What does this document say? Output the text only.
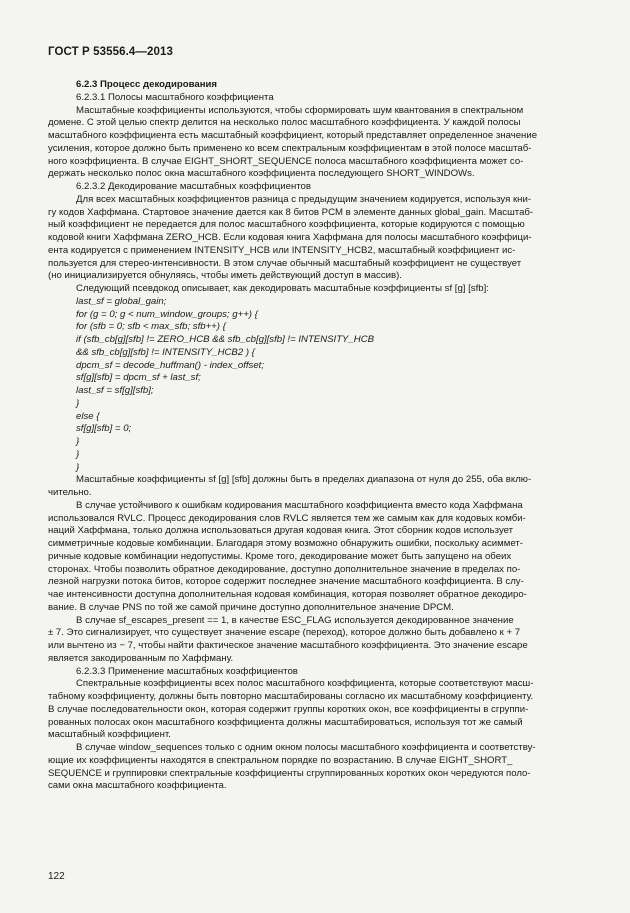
ГОСТ Р 53556.4—2013
6.2.3 Процесс декодирования
6.2.3.1 Полосы масштабного коэффициента
Масштабные коэффициенты используются, чтобы сформировать шум квантования в спектральном
домене. С этой целью спектр делится на несколько полос масштабного коэффициента. У каждой полосы
масштабного коэффициента есть масштабный коэффициент, который представляет определенное значение
усиления, которое должно быть применено ко всем спектральным коэффициентам в этой полосе масштаб-
ного коэффициента. В случае EIGHT_SHORT_SEQUENCE полоса масштабного коэффициента может со-
держать несколько полос окна масштабного коэффициента последующего SHORT_WINDOWs.
6.2.3.2 Декодирование масштабных коэффициентов
Для всех масштабных коэффициентов разница с предыдущим значением кодируется, используя кни-
гу кодов Хаффмана. Стартовое значение дается как 8 битов PCM в элементе данных global_gain. Масштаб-
ный коэффициент не передается для полос масштабного коэффициента, которые кодируются с помощью
кодовой книги Хаффмана ZERO_HCB. Если кодовая книга Хаффмана для полосы масштабного коэффици-
ента кодируется с применением INTENSITY_HCB или INTENSITY_HCB2, масштабный коэффициент ис-
пользуется для стерео-интенсивности. В этом случае обычный масштабный коэффициент не существует
(но инициализируется обнуляясь, чтобы иметь действующий доступ в массив).
Следующий псевдокод описывает, как декодировать масштабные коэффициенты sf [g] [sfb]:
last_sf = global_gain;
for (g = 0; g < num_window_groups; g++) {
for (sfb = 0; sfb < max_sfb; sfb++) {
if (sfb_cb[g][sfb] != ZERO_HCB && sfb_cb[g][sfb] != INTENSITY_HCB
&& sfb_cb[g][sfb] != INTENSITY_HCB2 ) {
dpcm_sf = decode_huffman() - index_offset;
sf[g][sfb] = dpcm_sf + last_sf;
last_sf = sf[g][sfb];
}
else {
sf[g][sfb] = 0;
}
}
}
Масштабные коэффициенты sf [g] [sfb] должны быть в пределах диапазона от нуля до 255, оба вклю-
чительно.
В случае устойчивого к ошибкам кодирования масштабного коэффициента вместо кода Хаффмана
использовался RVLC. Процесс декодирования слов RVLC является тем же самым как для кодовых комби-
наций Хаффмана, только должна использоваться другая кодовая книга. Этот сборник кодов использует
симметричные кодовые комбинации. Благодаря этому возможно обнаружить ошибки, поскольку асиммет-
ричные кодовые комбинации недопустимы. Кроме того, декодирование может быть запущено на обеих
сторонах. Чтобы позволить обратное декодирование, доступно дополнительное значение в пределах по-
лезной нагрузки потока битов, которое содержит последнее значение масштабного коэффициента. В слу-
чае интенсивности доступна дополнительная кодовая комбинация, которая позволяет обратное декодиро-
вание. В случае PNS по той же самой причине доступно дополнительное значение DPCM.
В случае sf_escapes_present == 1, в качестве ESC_FLAG используется декодированное значение
± 7. Это сигнализирует, что существует значение escape (переход), которое должно быть добавлено к + 7
или вычтено из − 7, чтобы найти фактическое значение масштабного коэффициента. Это значение escape
является закодированным по Хаффману.
6.2.3.3 Применение масштабных коэффициентов
Спектральные коэффициенты всех полос масштабного коэффициента, которые соответствуют масш-
табному коэффициенту, должны быть повторно масштабированы согласно их масштабному коэффициенту.
В случае последовательности окон, которая содержит группы коротких окон, все коэффициенты в сгруппи-
рованных полосах окон масштабного коэффициента должны масштабироваться, используя тот же самый
масштабный коэффициент.
В случае window_sequences только с одним окном полосы масштабного коэффициента и соответству-
ющие их коэффициенты находятся в спектральном порядке по возрастанию. В случае EIGHT_SHORT_
SEQUENCE и группировки спектральные коэффициенты сгруппированных коротких окон чередуются поло-
сами окна масштабного коэффициента.
122
